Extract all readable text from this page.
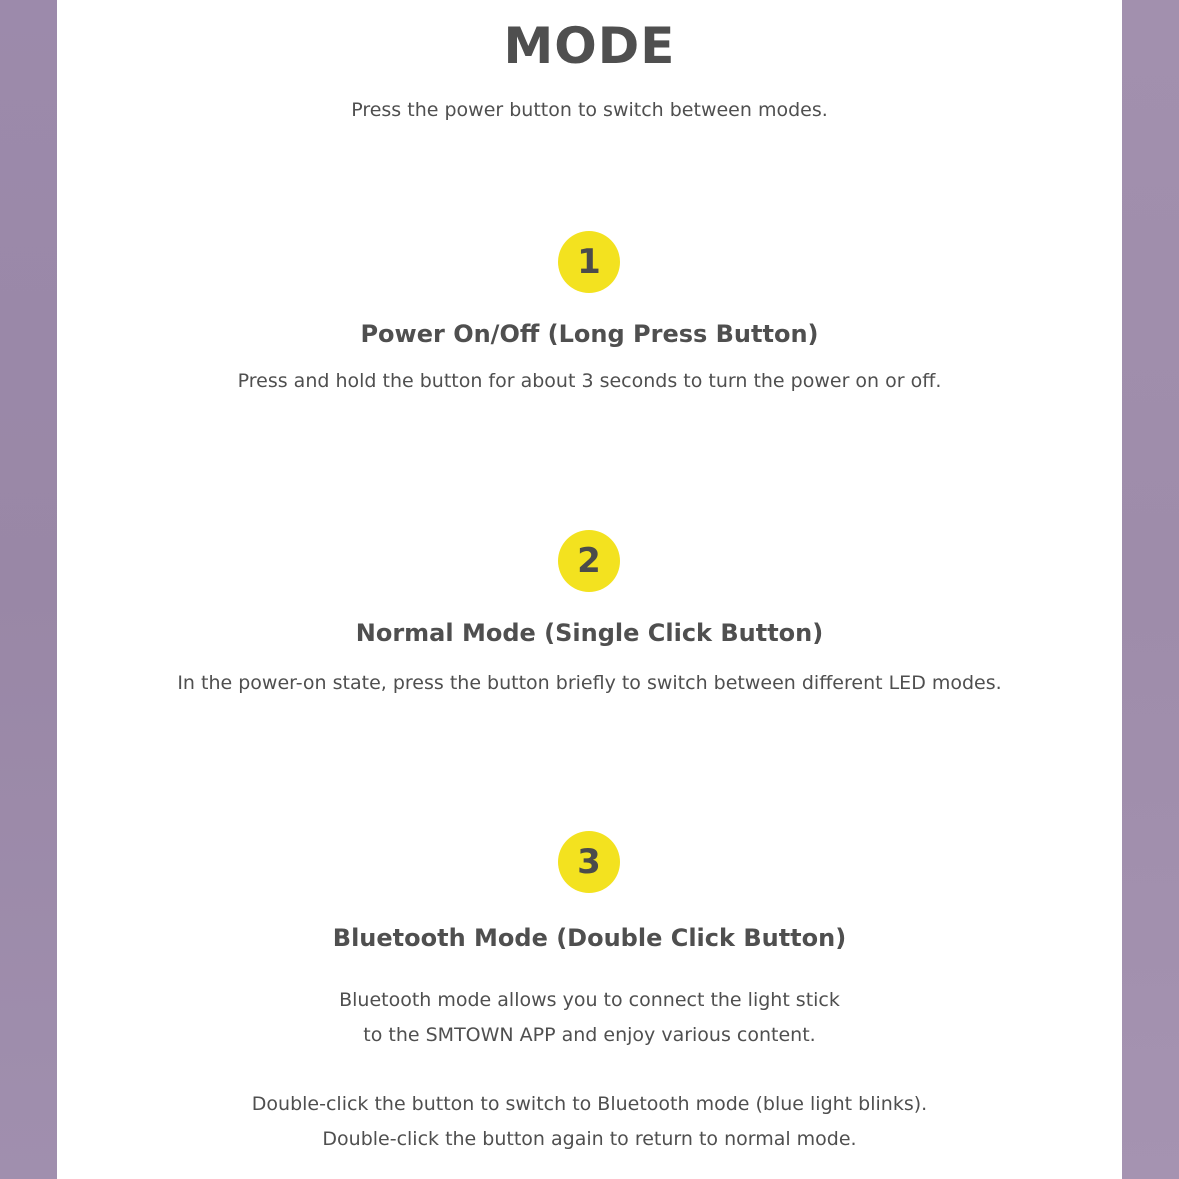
MODE
Press the power button to switch between modes.
1
Power On/Off (Long Press Button)
Press and hold the button for about 3 seconds to turn the power on or off.
2
Normal Mode (Single Click Button)
In the power-on state, press the button briefly to switch between different LED modes.
3
Bluetooth Mode (Double Click Button)
Bluetooth mode allows you to connect the light stick
to the SMTOWN APP and enjoy various content.
Double-click the button to switch to Bluetooth mode (blue light blinks).
Double-click the button again to return to normal mode.
